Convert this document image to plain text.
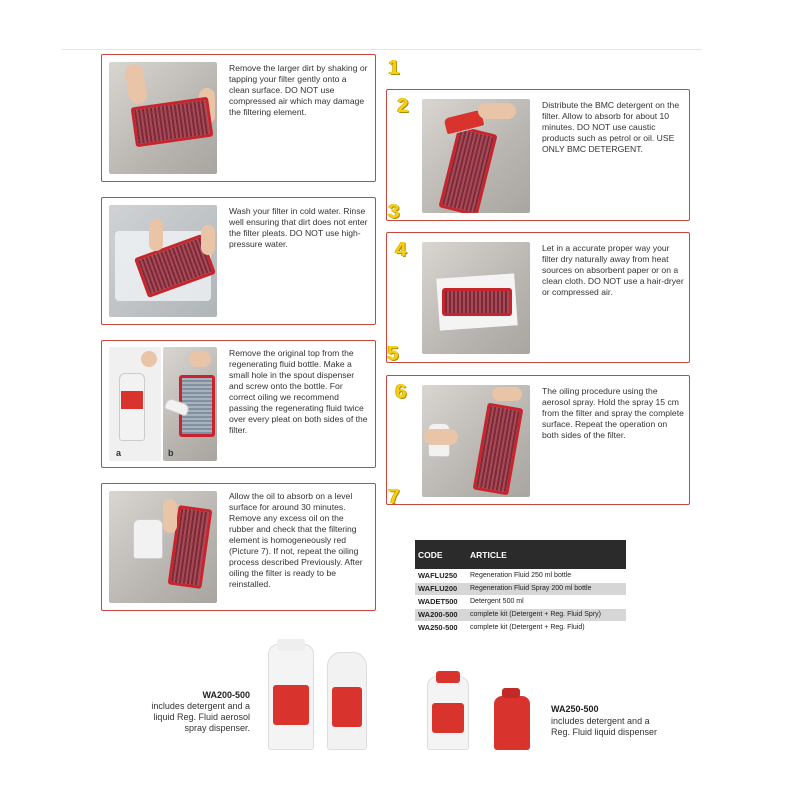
1
Remove the larger dirt by shaking or tapping your filter gently onto a clean surface. DO NOT use compressed air which may damage the filtering element.	2	Distribute the BMC detergent on the filter. Allow to absorb for about 10 minutes. DO NOT use caustic products such as petrol or oil. USE ONLY BMC DETERGENT.
3
Wash your filter in cold water. Rinse well ensuring that dirt does not enter the filter pleats. DO NOT use high-pressure water.	4	Let in a accurate proper way your filter dry naturally away from heat sources on absorbent paper or on a clean cloth. DO NOT use a hair-dryer or compressed air.
a	b
5
Remove the original top from the regenerating fluid bottle. Make a small hole in the spout dispenser and screw onto the bottle. For correct oiling we recommend passing the regenerating fluid twice over every pleat on both sides of the filter.
6	The oiling procedure using the aerosol spray. Hold the spray 15 cm from the filter and spray the complete surface. Repeat the operation on both sides of the filter.
7
Allow the oil to absorb on a level surface for around 30 minutes. Remove any excess oil on the rubber and check that the filtering element is homogeneously red (Picture 7). If not, repeat the oiling process described Previously. After oiling the filter is ready to be reinstalled.
CODE	ARTICLE
WAFLU250	Regeneration Fluid 250 ml bottle
WAFLU200	Regeneration Fluid Spray 200 ml bottle
WADET500	Detergent 500 ml
WA200-500	complete kit (Detergent + Reg. Fluid Spry)
WA250-500	complete kit (Detergent + Reg. Fluid)
WA200-500
includes detergent and a liquid Reg. Fluid aerosol spray dispenser.
WA250-500
includes detergent and a Reg. Fluid liquid dispenser
